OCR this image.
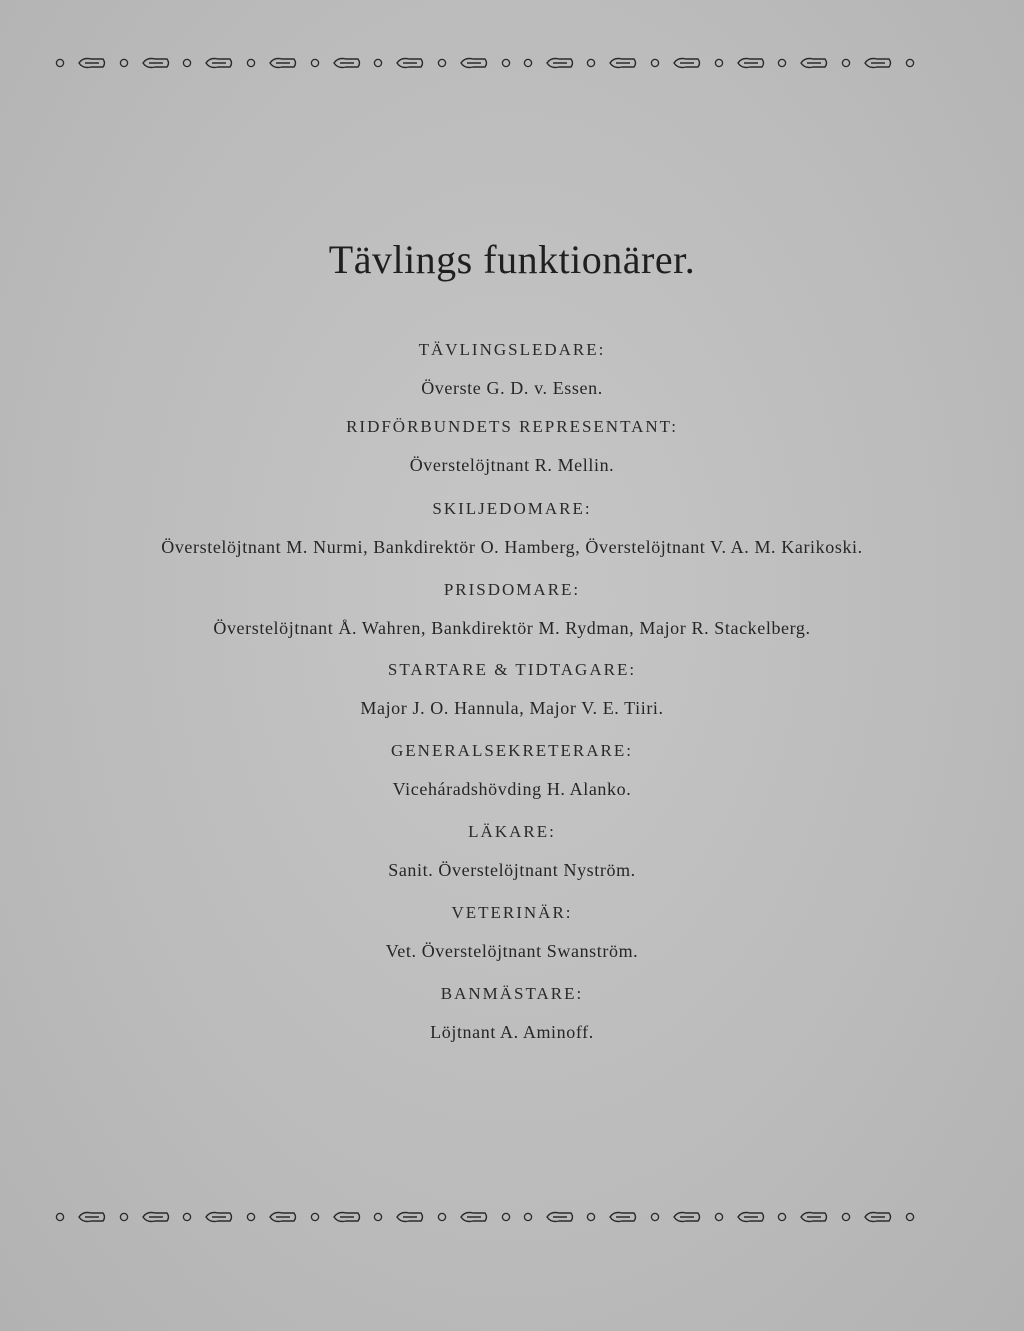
Tävlings funktionärer.
TÄVLINGSLEDARE:
Överste G. D. v. Essen.
RIDFÖRBUNDETS REPRESENTANT:
Överstelöjtnant R. Mellin.
SKILJEDOMARE:
Överstelöjtnant M. Nurmi, Bankdirektör O. Hamberg, Överstelöjtnant V. A. M. Karikoski.
PRISDOMARE:
Överstelöjtnant Å. Wahren, Bankdirektör M. Rydman, Major R. Stackelberg.
STARTARE & TIDTAGARE:
Major J. O. Hannula, Major V. E. Tiiri.
GENERALSEKRETERARE:
Viceháradshövding H. Alanko.
LÄKARE:
Sanit. Överstelöjtnant Nyström.
VETERINÄR:
Vet. Överstelöjtnant Swanström.
BANMÄSTARE:
Löjtnant A. Aminoff.
